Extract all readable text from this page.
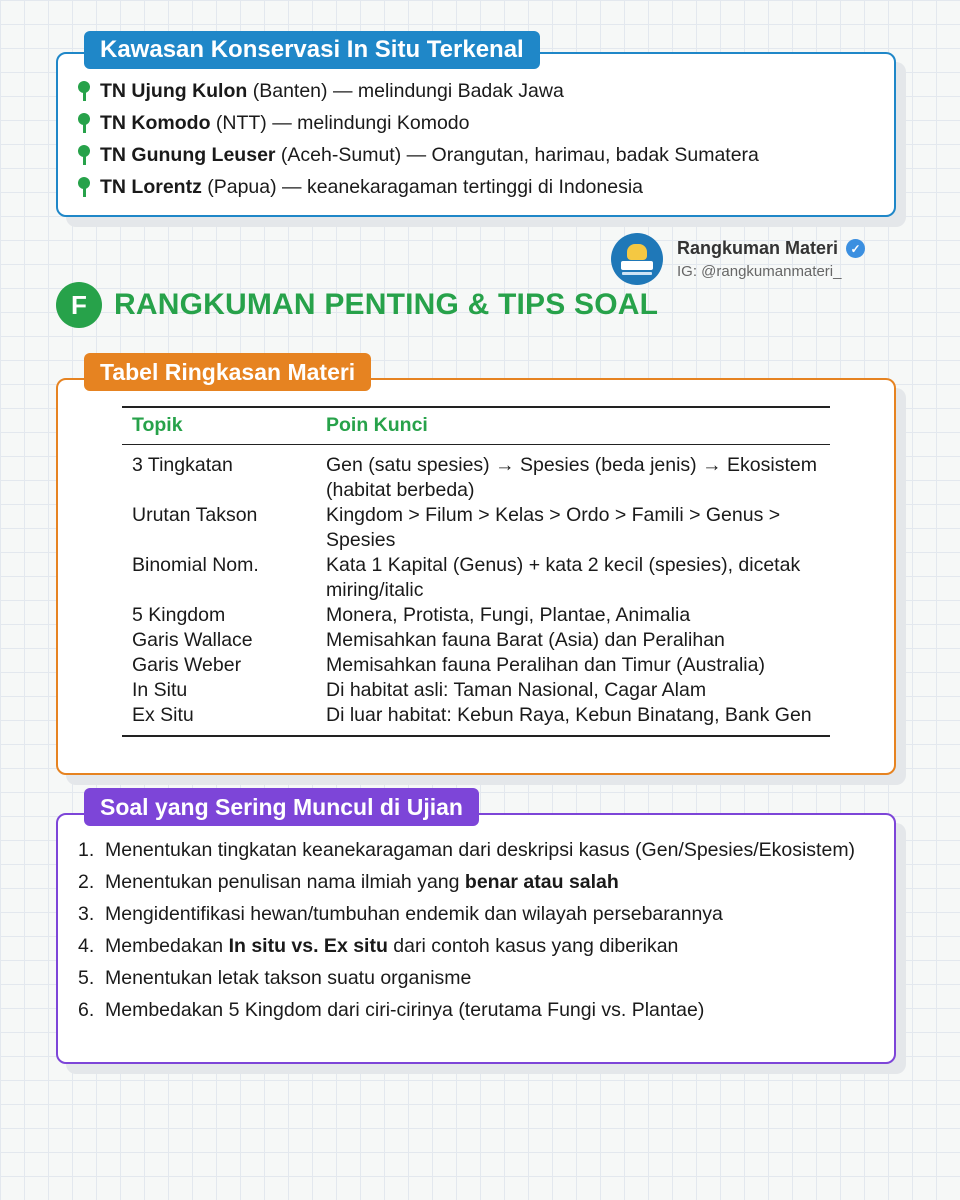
Kawasan Konservasi In Situ Terkenal
TN Ujung Kulon (Banten) — melindungi Badak Jawa
TN Komodo (NTT) — melindungi Komodo
TN Gunung Leuser (Aceh-Sumut) — Orangutan, harimau, badak Sumatera
TN Lorentz (Papua) — keanekaragaman tertinggi di Indonesia
Rangkuman Materi	✓
IG: @rangkumanmateri_
F RANGKUMAN PENTING & TIPS SOAL
Tabel Ringkasan Materi
Topik	Poin Kunci
3 Tingkatan	Gen (satu spesies) → Spesies (beda jenis) → Ekosistem (habitat berbeda)
Urutan Takson	Kingdom > Filum > Kelas > Ordo > Famili > Genus > Spesies
Binomial Nom.	Kata 1 Kapital (Genus) + kata 2 kecil (spesies), dicetak miring/italic
5 Kingdom	Monera, Protista, Fungi, Plantae, Animalia
Garis Wallace	Memisahkan fauna Barat (Asia) dan Peralihan
Garis Weber	Memisahkan fauna Peralihan dan Timur (Australia)
In Situ	Di habitat asli: Taman Nasional, Cagar Alam
Ex Situ	Di luar habitat: Kebun Raya, Kebun Binatang, Bank Gen
Soal yang Sering Muncul di Ujian
1. Menentukan tingkatan keanekaragaman dari deskripsi kasus (Gen/Spesies/Ekosistem)
2. Menentukan penulisan nama ilmiah yang benar atau salah
3. Mengidentifikasi hewan/tumbuhan endemik dan wilayah persebarannya
4. Membedakan In situ vs. Ex situ dari contoh kasus yang diberikan
5. Menentukan letak takson suatu organisme
6. Membedakan 5 Kingdom dari ciri-cirinya (terutama Fungi vs. Plantae)
